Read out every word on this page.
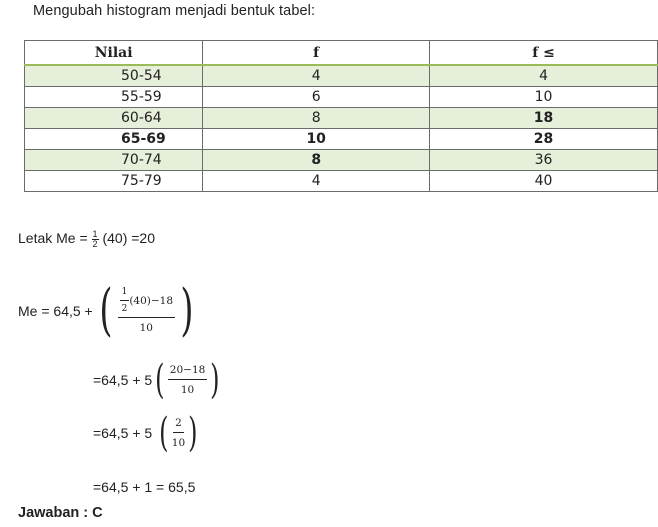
Mengubah histogram menjadi bentuk tabel:
Nilai	f	f ≤
50-54	4	4
55-59	6	10
60-64	8	18
65-69	10	28
70-74	8	36
75-79	4	40
Letak $Me = \frac{1}{2} (40) =20$
Me = 64,5 + ( $\frac{\frac{1}{2} (40)-18}{10}$ )
=64,5 + 5 ( $\frac{20-18}{10}$ )
=64,5 + 5 ( $\frac{2}{10}$ )
=64,5 + 1 = 65,5
Jawaban : C
